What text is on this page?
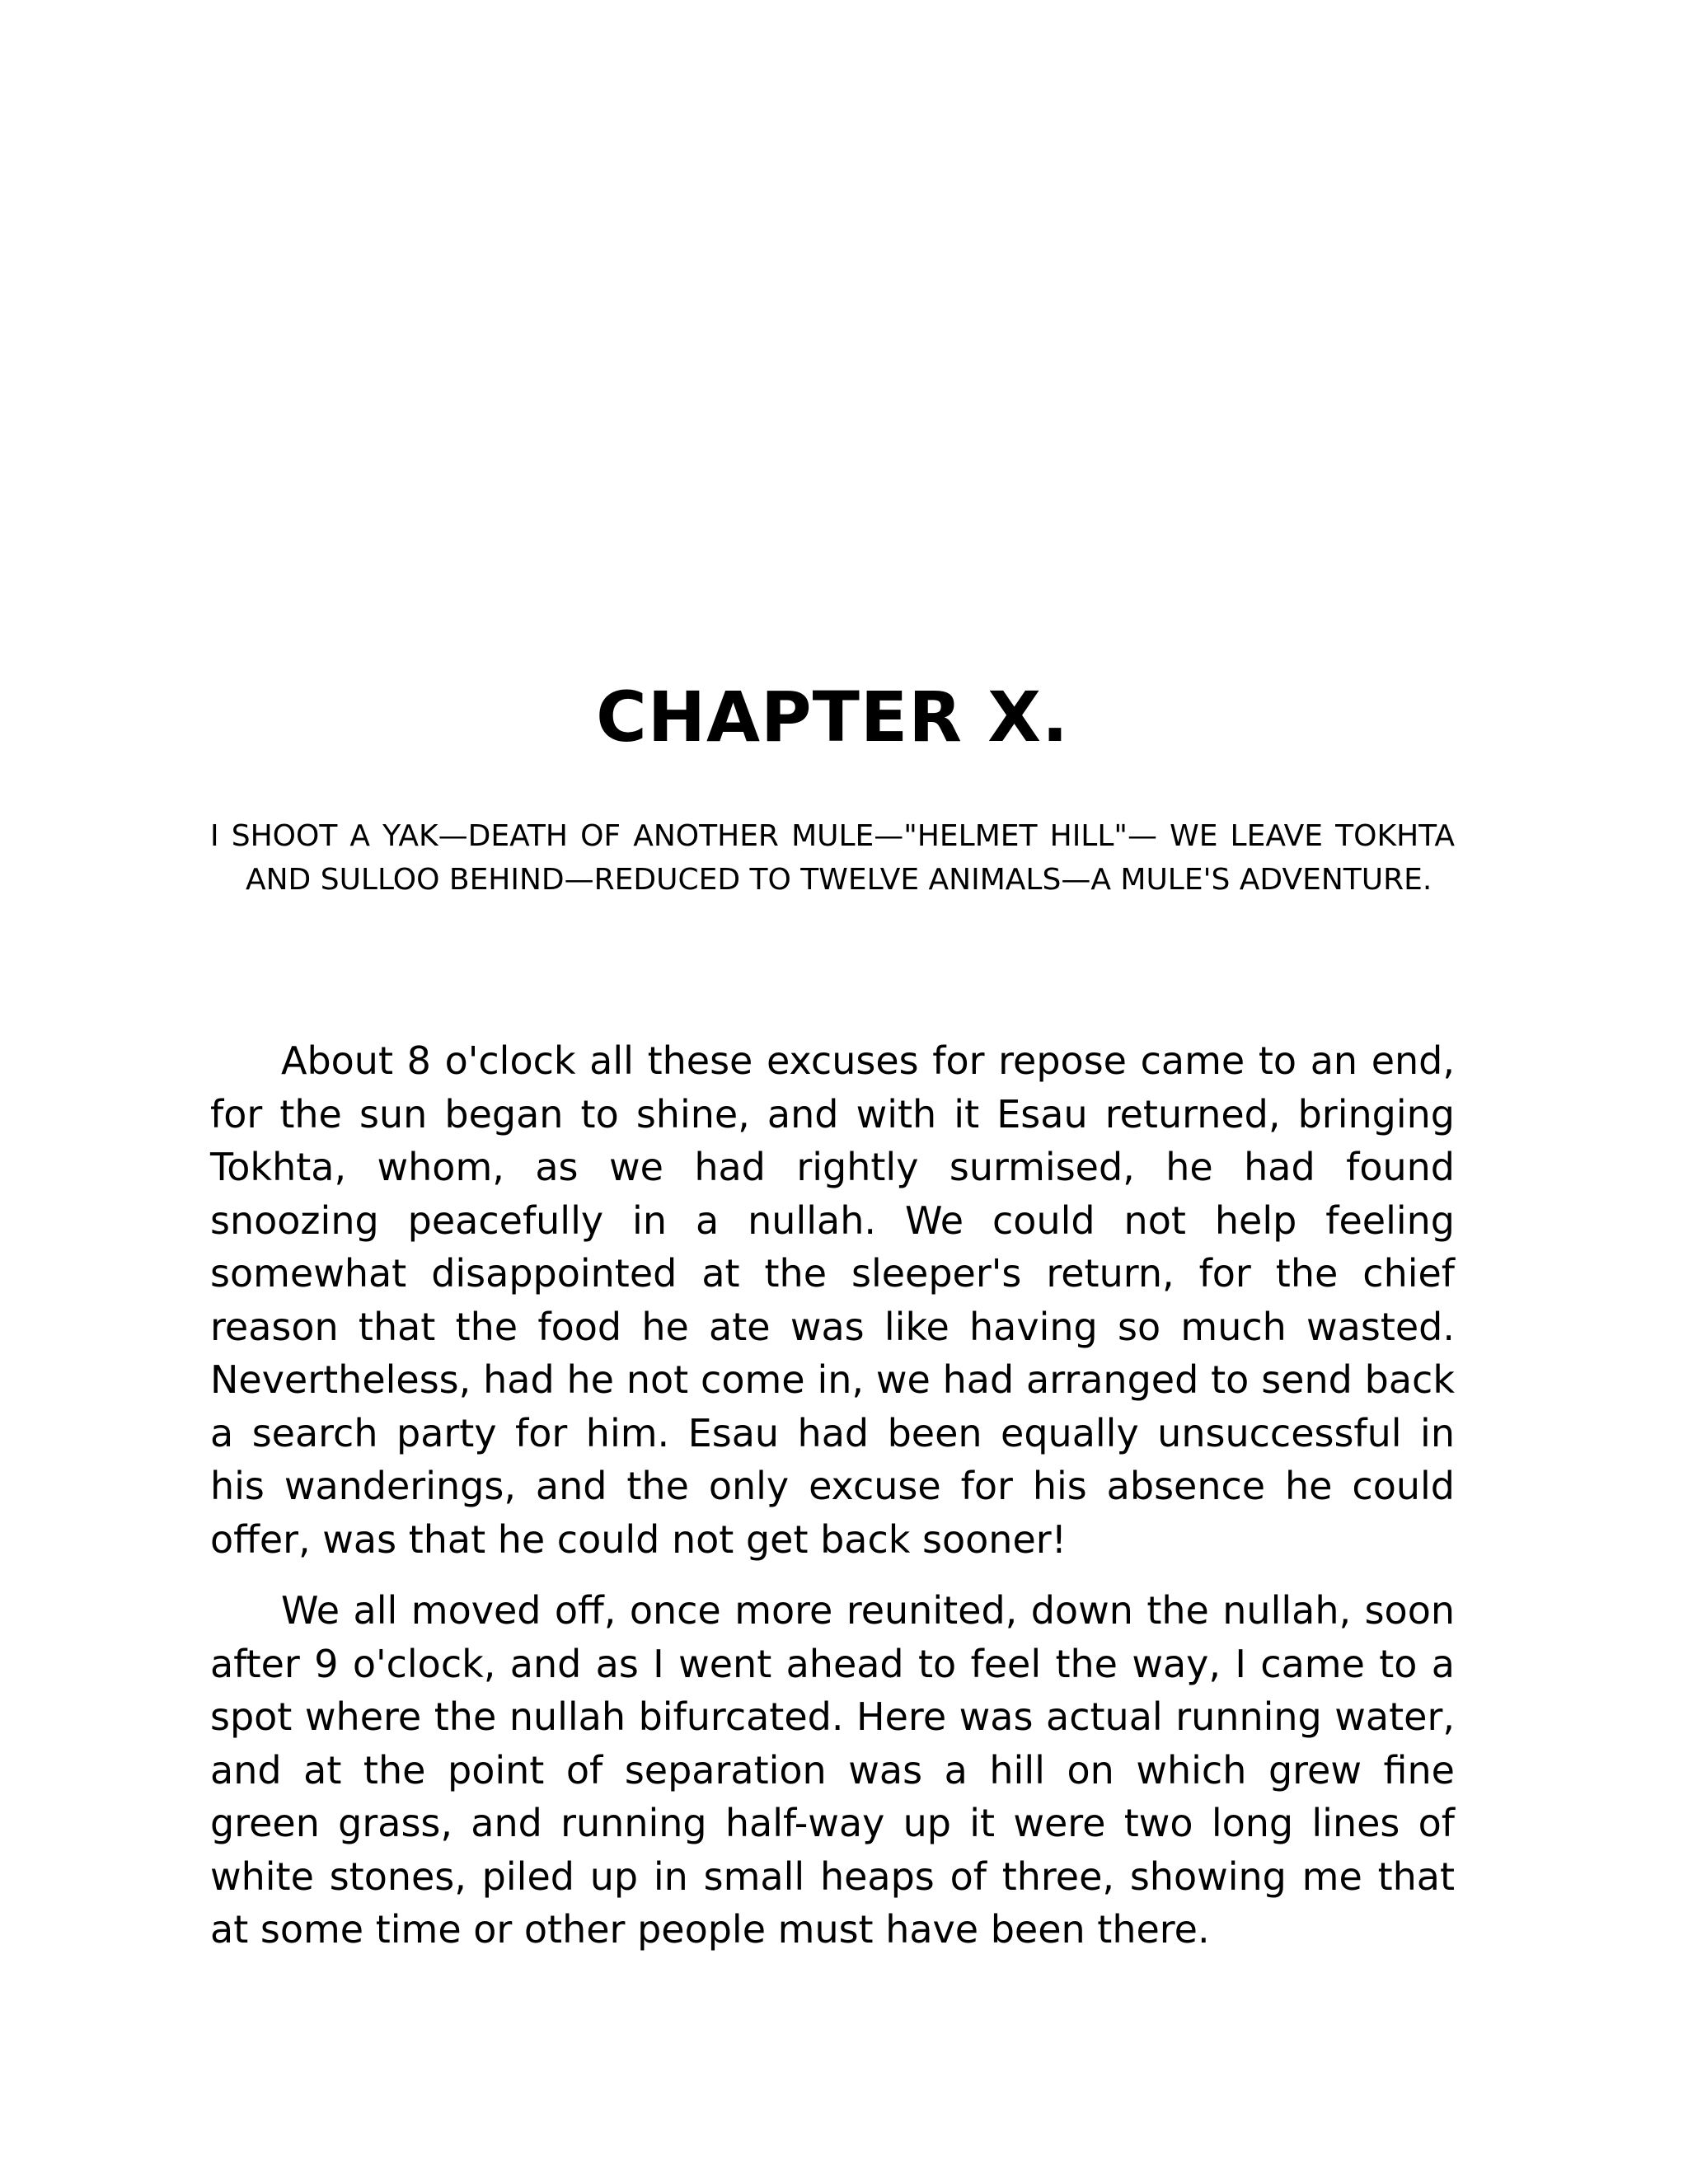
CHAPTER X.

I SHOOT A YAK—DEATH OF ANOTHER MULE—"HELMET HILL"— WE LEAVE TOKHTA AND SULLOO BEHIND—REDUCED TO TWELVE ANIMALS—A MULE'S ADVENTURE.

About 8 o'clock all these excuses for repose came to an end, for the sun began to shine, and with it Esau returned, bringing Tokhta, whom, as we had rightly surmised, he had found snoozing peacefully in a nullah. We could not help feeling somewhat disappointed at the sleeper's return, for the chief reason that the food he ate was like having so much wasted. Nevertheless, had he not come in, we had arranged to send back a search party for him. Esau had been equally unsuccessful in his wanderings, and the only excuse for his absence he could offer, was that he could not get back sooner!

We all moved off, once more reunited, down the nullah, soon after 9 o'clock, and as I went ahead to feel the way, I came to a spot where the nullah bifurcated. Here was actual running water, and at the point of separation was a hill on which grew fine green grass, and running half-way up it were two long lines of white stones, piled up in small heaps of three, showing me that at some time or other people must have been there.
